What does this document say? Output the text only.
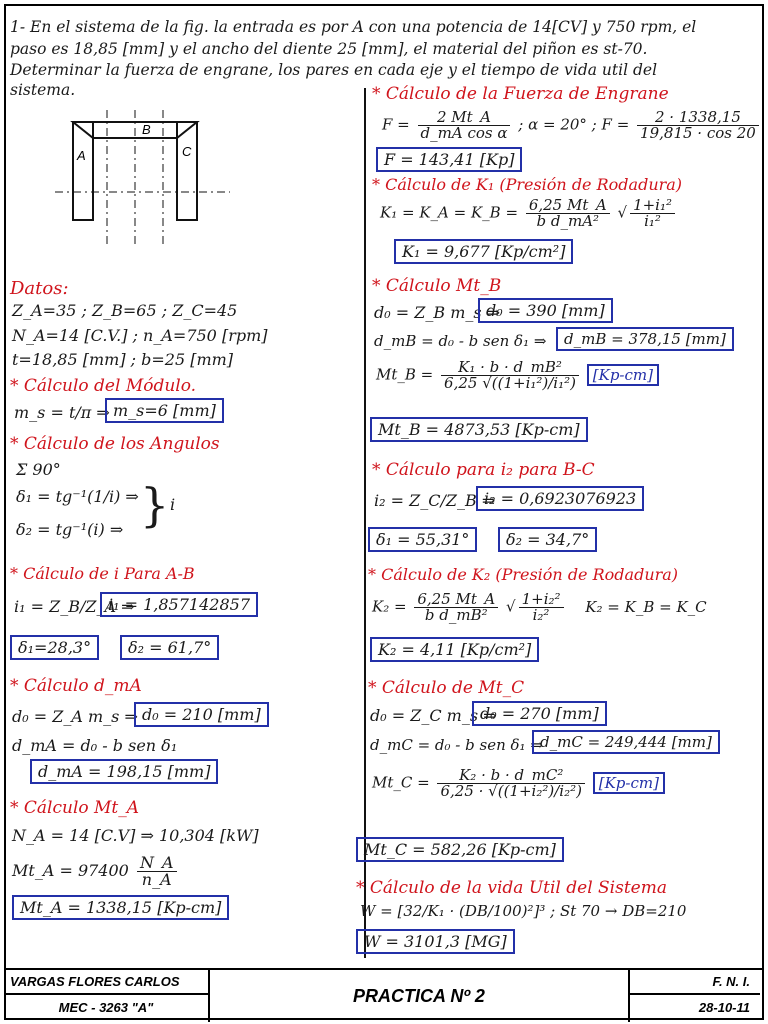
1- En el sistema de la fig. la entrada es por A con una potencia de 14[CV] y 750 rpm, el
paso es 18,85 [mm] y el ancho del diente 25 [mm], el material del piñon es st-70.
Determinar la fuerza de engrane, los pares en cada eje y el tiempo de vida util del
sistema.
A
B
C
Datos:
Z_A=35 ; Z_B=65 ; Z_C=45
N_A=14 [C.V.] ; n_A=750 [rpm]
t=18,85 [mm] ; b=25 [mm]
* Cálculo del Módulo.
m_s = t/π ⇒ m_s=6 [mm]
* Cálculo de los Angulos
Σ 90°
δ₁ = tg⁻¹(1/i) ⇒
δ₂ = tg⁻¹(i) ⇒ } i
* Cálculo de i Para A-B
i₁ = Z_B/Z_A ⇒
i₁ = 1,857142857
δ₁=28,3°	δ₂ = 61,7°
* Cálculo d_mA
d₀ = Z_A m_s ⇒ d₀ = 210 [mm]
d_mA = d₀ - b sen δ₁
d_mA = 198,15 [mm]
* Cálculo Mt_A
N_A = 14 [C.V] ⇒ 10,304 [kW]
Mt_A = $97400 \frac{N\_A}{n\_A}$
Mt_A = 1338,15 [Kp-cm]
* Cálculo de la Fuerza de Engrane
$F = \frac{2 Mt\_A}{\text{d\_mA cos α}}$ ; α = 20° ; $F = \frac{2 \cdot 1338,15}{19,815 \cdot \cos 20}$
F = 143,41 [Kp]
* Cálculo de K₁ (Presión de Rodadura)
K₁ = K_A = K_B = $\frac{6,25 Mt\_A}{\text{b d\_mA²}}$ √ $\frac{\text{1+i₁²}}{\text{i₁²}}$
K₁ = 9,677 [Kp/cm²]
* Cálculo Mt_B
d₀ = Z_B m_s ⇒
d₀ = 390 [mm]
d_mB = d₀ - b sen δ₁ ⇒	d_mB = 378,15 [mm]
Mt_B = $\frac{\text{K₁ · b · d\_mB²}}{\text{6,25 √((1+i₁²)/i₁²)}} [Kp-cm]$
Mt_B = 4873,53 [Kp-cm]
* Cálculo para i₂ para B-C
i₂ = Z_C/Z_B ⇒
i₂ = 0,6923076923
δ₁ = 55,31°	δ₂ = 34,7°
* Cálculo de K₂ (Presión de Rodadura)
$K_2 = \frac{6,25 Mt\_A}{\text{b d\_mB²}}$ √ $\frac{\text{1+i₂²}}{\text{i₂²}} K_2$ = K_B = K_C
K₂ = 4,11 [Kp/cm²]
* Cálculo de Mt_C
d₀ = Z_C m_s ⇒
d₀ = 270 [mm]
d_mC = d₀ - b sen δ₁ ⇒
d_mC = 249,444 [mm]
Mt_C = $\frac{\text{K₂ · b · d\_mC²}}{\text{6,25 · √((1+i₂²)/i₂²)}} [Kp-cm]$
Mt_C = 582,26 [Kp-cm]
* Cálculo de la vida Util del Sistema
W = [32/K₁ · (DB/100)²]³ ; St 70 → DB=210
W = 3101,3 [MG]
VARGAS FLORES CARLOS
MEC - 3263 "A"
PRACTICA Nº 2
F. N. I.
28-10-11
